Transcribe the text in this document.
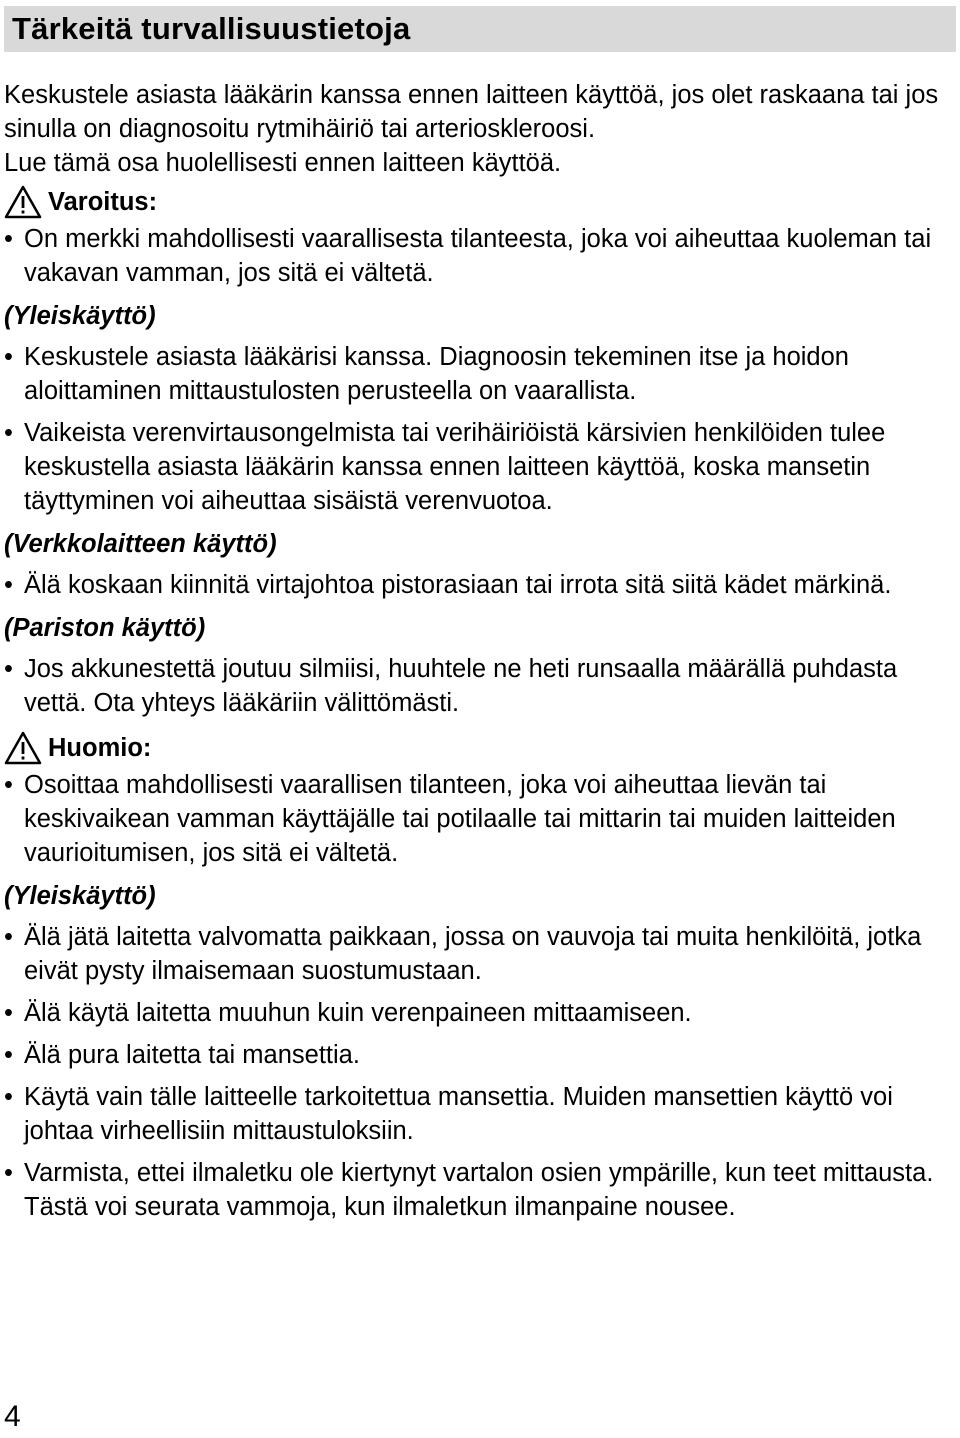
Tärkeitä turvallisuustietoja

Keskustele asiasta lääkärin kanssa ennen laitteen käyttöä, jos olet raskaana tai jos sinulla on diagnosoitu rytmihäiriö tai arterioskleroosi.

Lue tämä osa huolellisesti ennen laitteen käyttöä.

Varoitus:
• On merkki mahdollisesti vaarallisesta tilanteesta, joka voi aiheuttaa kuoleman tai vakavan vamman, jos sitä ei vältetä.
(Yleiskäyttö)
• Keskustele asiasta lääkärisi kanssa. Diagnoosin tekeminen itse ja hoidon aloittaminen mittaustulosten perusteella on vaarallista.
• Vaikeista verenvirtausongelmista tai verihäiriöistä kärsivien henkilöiden tulee keskustella asiasta lääkärin kanssa ennen laitteen käyttöä, koska mansetin täyttyminen voi aiheuttaa sisäistä verenvuotoa.
(Verkkolaitteen käyttö)
• Älä koskaan kiinnitä virtajohtoa pistorasiaan tai irrota sitä siitä kädet märkinä.
(Pariston käyttö)
• Jos akkunestettä joutuu silmiisi, huuhtele ne heti runsaalla määrällä puhdasta vettä. Ota yhteys lääkäriin välittömästi.
Huomio:
• Osoittaa mahdollisesti vaarallisen tilanteen, joka voi aiheuttaa lievän tai keskivaikean vamman käyttäjälle tai potilaalle tai mittarin tai muiden laitteiden vaurioitumisen, jos sitä ei vältetä.
(Yleiskäyttö)
• Älä jätä laitetta valvomatta paikkaan, jossa on vauvoja tai muita henkilöitä, jotka eivät pysty ilmaisemaan suostumustaan.
• Älä käytä laitetta muuhun kuin verenpaineen mittaamiseen.
• Älä pura laitetta tai mansettia.
• Käytä vain tälle laitteelle tarkoitettua mansettia. Muiden mansettien käyttö voi johtaa virheellisiin mittaustuloksiin.
• Varmista, ettei ilmaletku ole kiertynyt vartalon osien ympärille, kun teet mittausta. Tästä voi seurata vammoja, kun ilmaletkun ilmanpaine nousee.
4
